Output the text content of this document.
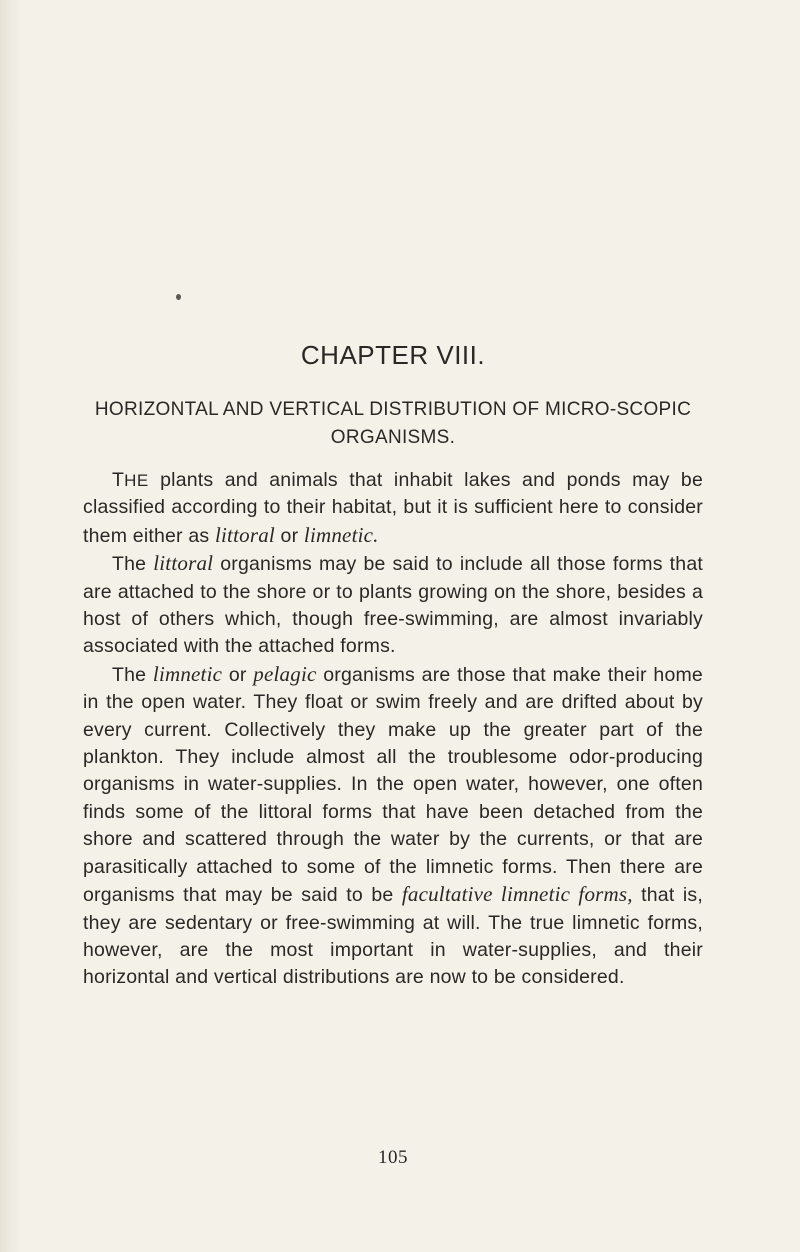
CHAPTER VIII.
HORIZONTAL AND VERTICAL DISTRIBUTION OF MICRO-SCOPIC ORGANISMS.

THE plants and animals that inhabit lakes and ponds may be classified according to their habitat, but it is sufficient here to consider them either as littoral or limnetic.

The littoral organisms may be said to include all those forms that are attached to the shore or to plants growing on the shore, besides a host of others which, though free-swimming, are almost invariably associated with the attached forms.

The limnetic or pelagic organisms are those that make their home in the open water. They float or swim freely and are drifted about by every current. Collectively they make up the greater part of the plankton. They include almost all the troublesome odor-producing organisms in water-supplies. In the open water, however, one often finds some of the littoral forms that have been detached from the shore and scattered through the water by the currents, or that are parasitically attached to some of the limnetic forms. Then there are organisms that may be said to be facultative limnetic forms, that is, they are sedentary or free-swimming at will. The true limnetic forms, however, are the most important in water-supplies, and their horizontal and vertical distributions are now to be considered.

105
